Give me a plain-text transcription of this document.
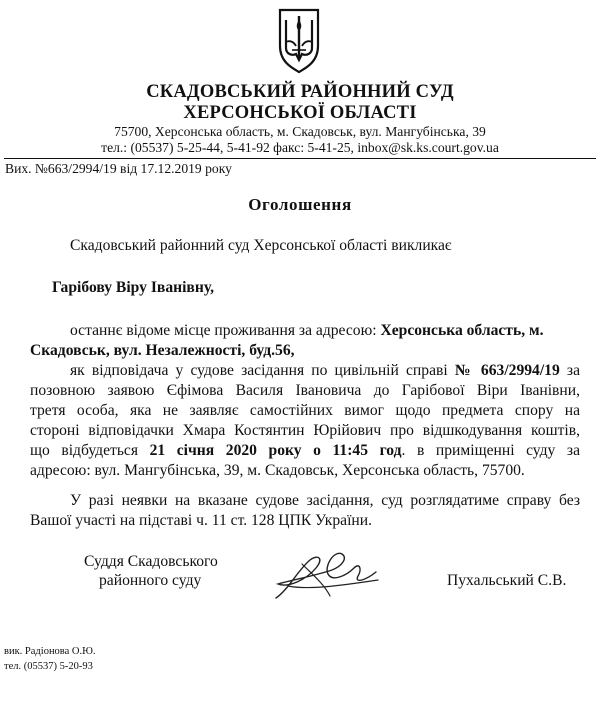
СКАДОВСЬКИЙ РАЙОННИЙ СУД
ХЕРСОНСЬКОЇ ОБЛАСТІ
75700, Херсонська область, м. Скадовськ, вул. Мангубінська, 39
тел.: (05537) 5-25-44, 5-41-92 факс: 5-41-25, inbox@sk.ks.court.gov.ua
Вих. №663/2994/19 від 17.12.2019 року
Оголошення
Скадовський районний суд Херсонської області викликає
Гарібову Віру Іванівну,
останнє відоме місце проживання за адресою: Херсонська область, м.
Скадовськ, вул. Незалежності, буд.56,
як відповідача у судове засідання по цивільній справі № 663/2994/19 за
позовною заявою Єфімова Василя Івановича до Гарібової Віри Іванівни,
третя особа, яка не заявляє самостійних вимог щодо предмета спору на
стороні відповідачки Хмара Костянтин Юрійович про відшкодування коштів,
що відбудеться 21 січня 2020 року о 11:45 год. в приміщенні суду за
адресою: вул. Мангубінська, 39, м. Скадовськ, Херсонська область, 75700.
У разі неявки на вказане судове засідання, суд розглядатиме справу без
Вашої участі на підставі ч. 11 ст. 128 ЦПК України.
Суддя Скадовського
районного суду	Пухальський С.В.
вик. Радіонова О.Ю.
тел. (05537) 5-20-93
